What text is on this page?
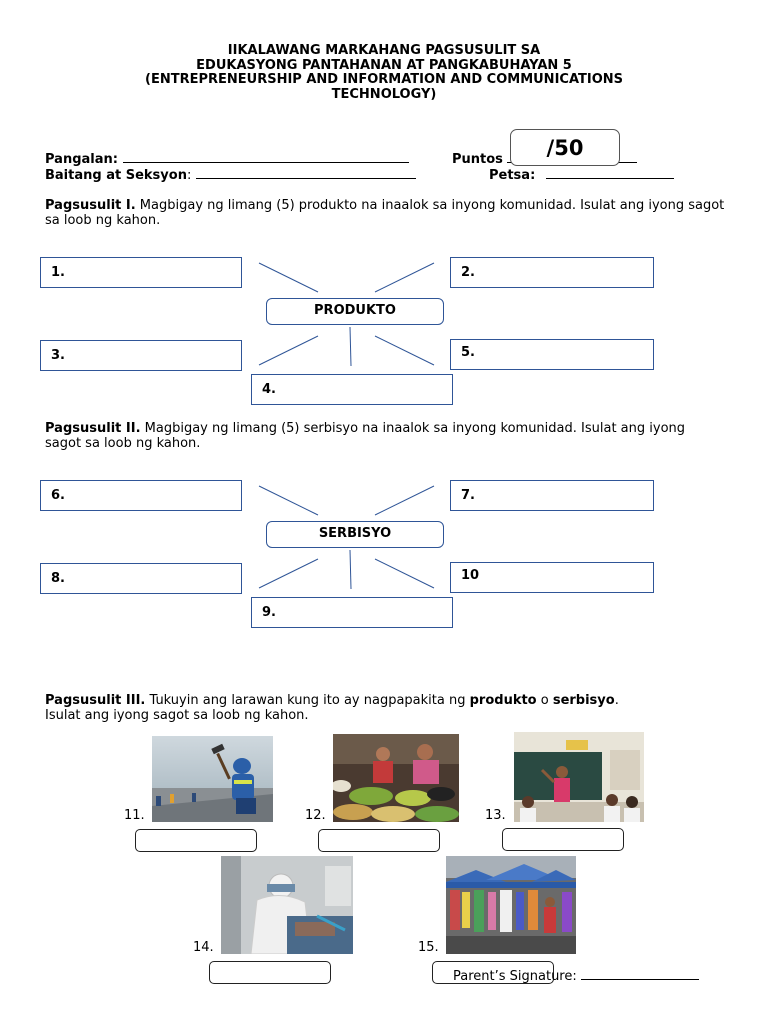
IIKALAWANG MARKAHANG PAGSUSULIT SA
EDUKASYONG PANTAHANAN AT PANGKABUHAYAN 5
(ENTREPRENEURSHIP AND INFORMATION AND COMMUNICATIONS
TECHNOLOGY)
Pangalan:	Puntos	/50
Baitang at Seksyon:	Petsa:
Pagsusulit I. Magbigay ng limang (5) produkto na inaalok sa inyong komunidad. Isulat ang iyong sagot sa loob ng kahon.
1.	2.
PRODUKTO
3.	5.
4.
Pagsusulit II. Magbigay ng limang (5) serbisyo na inaalok sa inyong komunidad. Isulat ang iyong sagot sa loob ng kahon.
6.	7.
SERBISYO
8.	10
9.
Pagsusulit III. Tukuyin ang larawan kung ito ay nagpapakita ng produkto o serbisyo.
Isulat ang iyong sagot sa loob ng kahon.
11.	12.	13.
14.	15.
Parent’s Signature:
